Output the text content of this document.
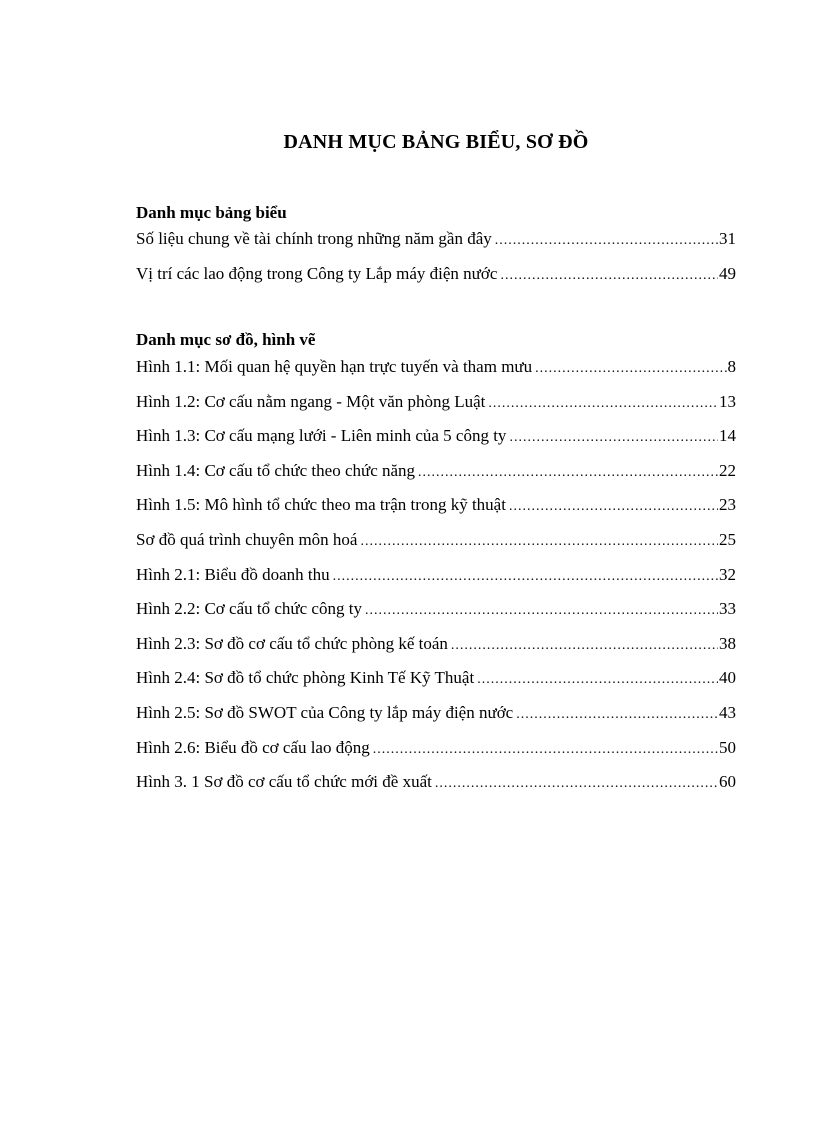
DANH MỤC BẢNG BIỂU, SƠ ĐỒ
Danh mục bảng biểu
Số liệu chung về tài chính trong những năm gần đây .....	31
Vị trí các lao động trong Công ty Lắp máy điện nước .....	49
Danh mục sơ đồ, hình vẽ
Hình 1.1: Mối quan hệ quyền hạn trực tuyến và tham mưu .....	8
Hình 1.2: Cơ cấu nằm ngang - Một văn phòng Luật .....	13
Hình 1.3: Cơ cấu mạng lưới - Liên minh của 5 công ty .....	14
Hình 1.4: Cơ cấu tổ chức theo chức năng .....	22
Hình 1.5: Mô hình tổ chức theo ma trận trong kỹ thuật .....	23
Sơ đồ quá trình chuyên môn hoá .....	25
Hình 2.1: Biểu đồ doanh thu .....	32
Hình 2.2: Cơ cấu tổ chức công ty .....	33
Hình 2.3: Sơ đồ cơ cấu tổ chức phòng kế toán .....	38
Hình 2.4: Sơ đồ tổ chức phòng Kinh Tế Kỹ Thuật .....	40
Hình 2.5: Sơ đồ SWOT của Công ty lắp máy điện nước .....	43
Hình 2.6: Biểu đồ cơ cấu lao động .....	50
Hình 3. 1 Sơ đồ cơ cấu tổ chức mới đề xuất .....	60
